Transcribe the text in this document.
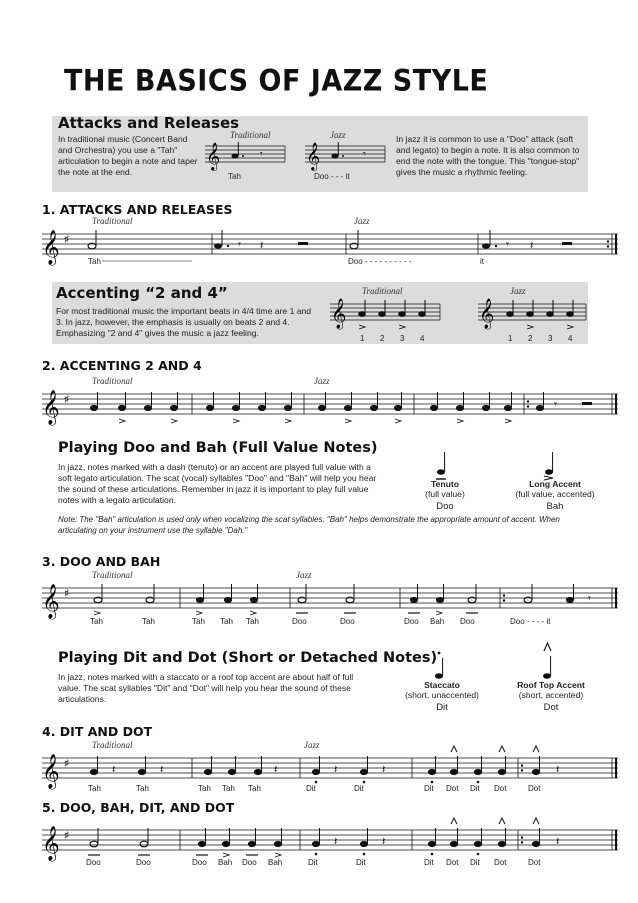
THE BASICS OF JAZZ STYLE
Attacks and Releases
In traditional music (Concert Band and Orchestra) you use a "Tah" articulation to begin a note and taper the note at the end.
In jazz it is common to use a "Doo" attack (soft and legato) to begin a note. It is also common to end the note with the tongue. This "tongue-stop" gives the music a rhythmic feeling.
Traditional	Jazz
Tah	Doo - - - it
𝄞	𝄞
𝄾	𝄾
1. ATTACKS AND RELEASES
Traditional	Jazz
𝄞 ♯	𝄾 𝄽	𝄾 𝄽
Tah	Doo - - - - - - - - - -	it
Accenting “2 and 4”
For most traditional music the important beats in 4/4 time are 1 and 3. In jazz, however, the emphasis is usually on beats 2 and 4. Emphasizing "2 and 4" gives the music a jazz feeling.
Traditional	Jazz
𝄞	𝄞
1 2 3 4	1 2 3 4
2. ACCENTING 2 AND 4
Traditional	Jazz
𝄞 ♯	𝄾
Playing Doo and Bah (Full Value Notes)
In jazz, notes marked with a dash (tenuto) or an accent are played full value with a soft legato articulation. The scat (vocal) syllables "Doo" and "Bah" will help you hear the sound of these articulations. Remember in jazz it is important to play full value notes with a legato articulation.
Tenuto
(full value)
Doo
Long Accent
(full value, accented)
Bah
Note: The "Bah" articulation is used only when vocalizing the scat syllables. "Bah" helps demonstrate the appropriate amount of accent. When articulating on your instrument use the syllable "Dah."
3. DOO AND BAH
Traditional	Jazz
𝄞 ♯	𝄾
Tah	Tah	Tah Tah Tah	Doo	Doo	Doo Bah Doo	Doo - - - - it
Playing Dit and Dot (Short or Detached Notes)
In jazz, notes marked with a staccato or a roof top accent are about half of full value. The scat syllables "Dit" and "Dot" will help you hear the sound of these articulations.
Staccato
(short, unaccented)
Dit
Roof Top Accent
(short, accented)
Dot
4. DIT AND DOT
Traditional	Jazz
𝄞 ♯	𝄽	𝄽	𝄽	𝄽	𝄽	𝄽
Tah	Tah	Tah Tah Tah	Dit	Dit	Dit Dot Dit Dot	Dot
5. DOO, BAH, DIT, AND DOT
𝄞 ♯	𝄽	𝄽	𝄽
Doo	Doo	Doo Bah Doo Bah	Dit	Dit	Dit Dot Dit Dot	Dot
